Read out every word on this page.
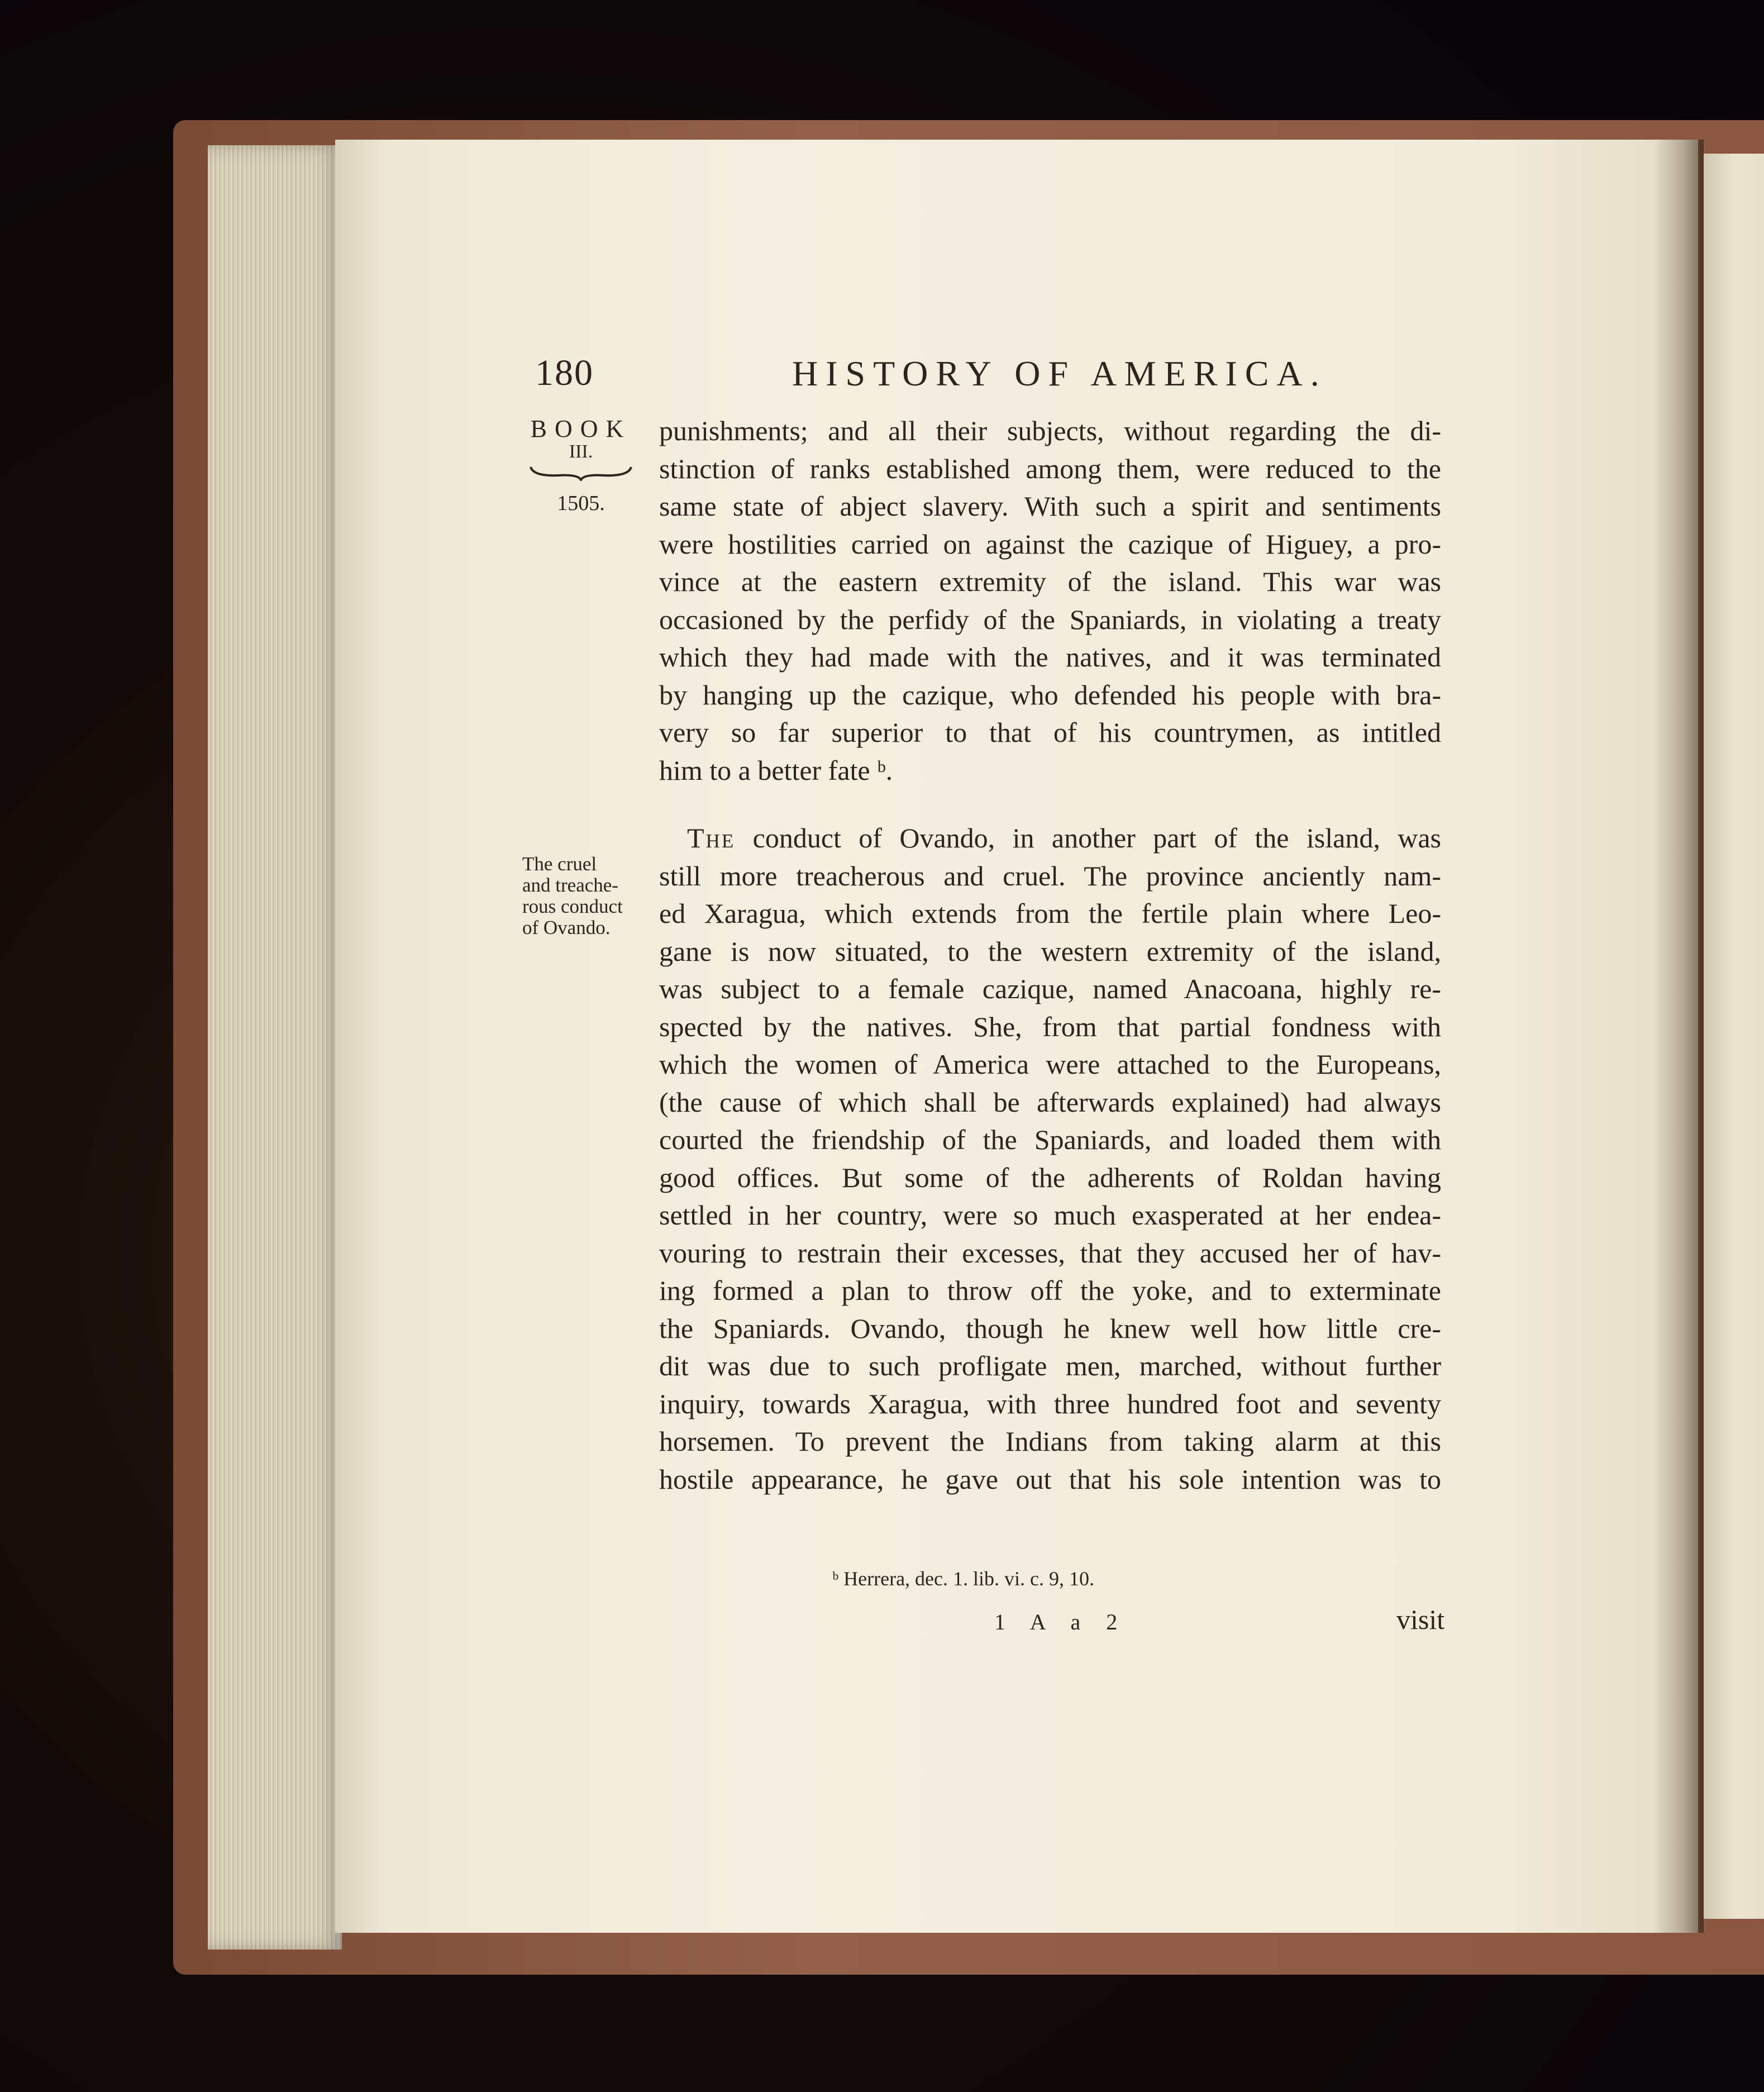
180	HISTORY OF AMERICA.
BOOK
III.
1505.
The cruel
and treache-
rous conduct
of Ovando.
punishments; and all their subjects, without regarding the di-
stinction of ranks established among them, were reduced to the
same state of abject slavery. With such a spirit and sentiments
were hostilities carried on against the cazique of Higuey, a pro-
vince at the eastern extremity of the island. This war was
occasioned by the perfidy of the Spaniards, in violating a treaty
which they had made with the natives, and it was terminated
by hanging up the cazique, who defended his people with bra-
very so far superior to that of his countrymen, as intitled
him to a better fate ᵇ.
The conduct of Ovando, in another part of the island, was
still more treacherous and cruel. The province anciently nam-
ed Xaragua, which extends from the fertile plain where Leo-
gane is now situated, to the western extremity of the island,
was subject to a female cazique, named Anacoana, highly re-
spected by the natives. She, from that partial fondness with
which the women of America were attached to the Europeans,
(the cause of which shall be afterwards explained) had always
courted the friendship of the Spaniards, and loaded them with
good offices. But some of the adherents of Roldan having
settled in her country, were so much exasperated at her endea-
vouring to restrain their excesses, that they accused her of hav-
ing formed a plan to throw off the yoke, and to exterminate
the Spaniards. Ovando, though he knew well how little cre-
dit was due to such profligate men, marched, without further
inquiry, towards Xaragua, with three hundred foot and seventy
horsemen. To prevent the Indians from taking alarm at this
hostile appearance, he gave out that his sole intention was to
ᵇ Herrera, dec. 1. lib. vi. c. 9, 10.
1 A a 2	visit
